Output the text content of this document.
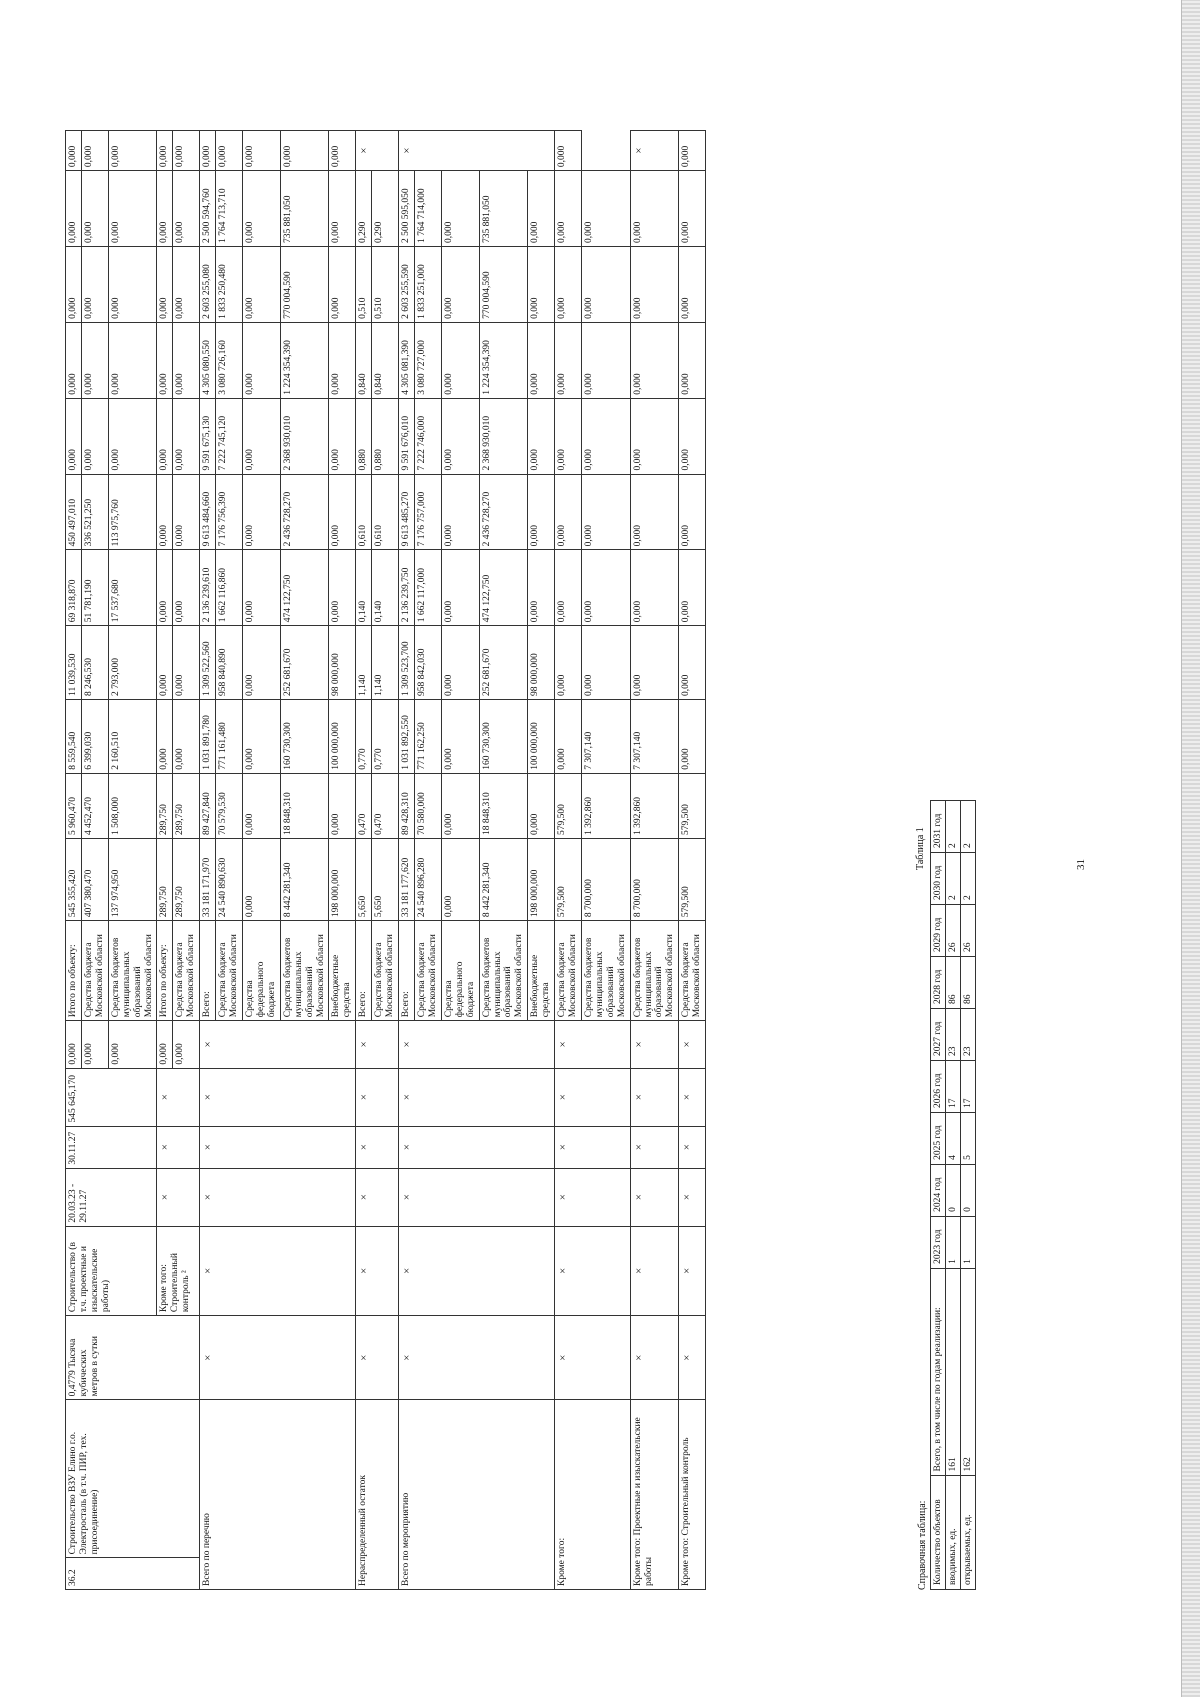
36.2	Строительство ВЗУ Елино г.о. Электросталь (в т.ч. ПИР, тех. присоединение)	0,4779 Тысяча кубических метров в сутки	Строительство (в т.ч. проектные и изыскательские работы)	20.03.23 - 29.11.27	30.11.27	545 645,170	0,000	Итого по объекту:	545 355,420	5 960,470	8 559,540	11 039,530	69 318,870	450 497,010	0,000	0,000	0,000	0,000	0,000
							0,000	Средства бюджета Московской области	407 380,470	4 452,470	6 399,030	8 246,530	51 781,190	336 521,250	0,000	0,000	0,000	0,000	0,000
							0,000	Средства бюджетов муниципальных образований Московской области	137 974,950	1 508,000	2 160,510	2 793,000	17 537,680	113 975,760	0,000	0,000	0,000	0,000	0,000
			Кроме того: Строительный контроль ²	×	×	×	0,000	Итого по объекту:	289,750	289,750	0,000	0,000	0,000	0,000	0,000	0,000	0,000	0,000	0,000
							0,000	Средства бюджета Московской области	289,750	289,750	0,000	0,000	0,000	0,000	0,000	0,000	0,000	0,000	0,000
Всего по перечню		×	×	×	×	×	×	Всего:	33 181 171,970	89 427,840	1 031 891,780	1 309 522,560	2 136 239,610	9 613 484,660	9 591 675,130	4 305 080,550	2 603 255,080	2 500 594,760	0,000
								Средства бюджета Московской области	24 540 890,630	70 579,530	771 161,480	958 840,890	1 662 116,860	7 176 756,390	7 222 745,120	3 080 726,160	1 833 250,480	1 764 713,710	0,000
								Средства федерального бюджета	0,000	0,000	0,000	0,000	0,000	0,000	0,000	0,000	0,000	0,000	0,000
								Средства бюджетов муниципальных образований Московской области	8 442 281,340	18 848,310	160 730,300	252 681,670	474 122,750	2 436 728,270	2 368 930,010	1 224 354,390	770 004,590	735 881,050	0,000
								Внебюджетные средства	198 000,000	0,000	100 000,000	98 000,000	0,000	0,000	0,000	0,000	0,000	0,000	0,000
Нераспределенный остаток		×	×	×	×	×	×	Всего:	5,650	0,470	0,770	1,140	0,140	0,610	0,880	0,840	0,510	0,290	×
								Средства бюджета Московской области	5,650	0,470	0,770	1,140	0,140	0,610	0,880	0,840	0,510	0,290	
Всего по мероприятию		×	×	×	×	×	×	Всего:	33 181 177,620	89 428,310	1 031 892,550	1 309 523,700	2 136 239,750	9 613 485,270	9 591 676,010	4 305 081,390	2 603 255,590	2 500 595,050	×
								Средства бюджета Московской области	24 540 896,280	70 580,000	771 162,250	958 842,030	1 662 117,000	7 176 757,000	7 222 746,000	3 080 727,000	1 833 251,000	1 764 714,000	
								Средства федерального бюджета	0,000	0,000	0,000	0,000	0,000	0,000	0,000	0,000	0,000	0,000	
								Средства бюджетов муниципальных образований Московской области	8 442 281,340	18 848,310	160 730,300	252 681,670	474 122,750	2 436 728,270	2 368 930,010	1 224 354,390	770 004,590	735 881,050	
								Внебюджетные средства	198 000,000	0,000	100 000,000	98 000,000	0,000	0,000	0,000	0,000	0,000	0,000	
Кроме того:		×	×	×	×	×	×	Средства бюджета Московской области	579,500	579,500	0,000	0,000	0,000	0,000	0,000	0,000	0,000	0,000	0,000
								Средства бюджетов муниципальных образований Московской области	8 700,000	1 392,860	7 307,140	0,000	0,000	0,000	0,000	0,000	0,000	0,000	
Кроме того: Проектные и изыскательские работы		×	×	×	×	×	×	Средства бюджетов муниципальных образований Московской области	8 700,000	1 392,860	7 307,140	0,000	0,000	0,000	0,000	0,000	0,000	0,000	×
Кроме того: Строительный контроль		×	×	×	×	×	×	Средства бюджета Московской области	579,500	579,500	0,000	0,000	0,000	0,000	0,000	0,000	0,000	0,000	0,000
Справочная таблица:
Таблица 1
Количество объектов	Всего, в том числе по годам реализации:	2023 год	2024 год	2025 год	2026 год	2027 год	2028 год	2029 год	2030 год	2031 год
вводимых, ед.	161	1	0	4	17	23	86	26	2	2
открываемых, ед.	162	1	0	5	17	23	86	26	2	2
31
